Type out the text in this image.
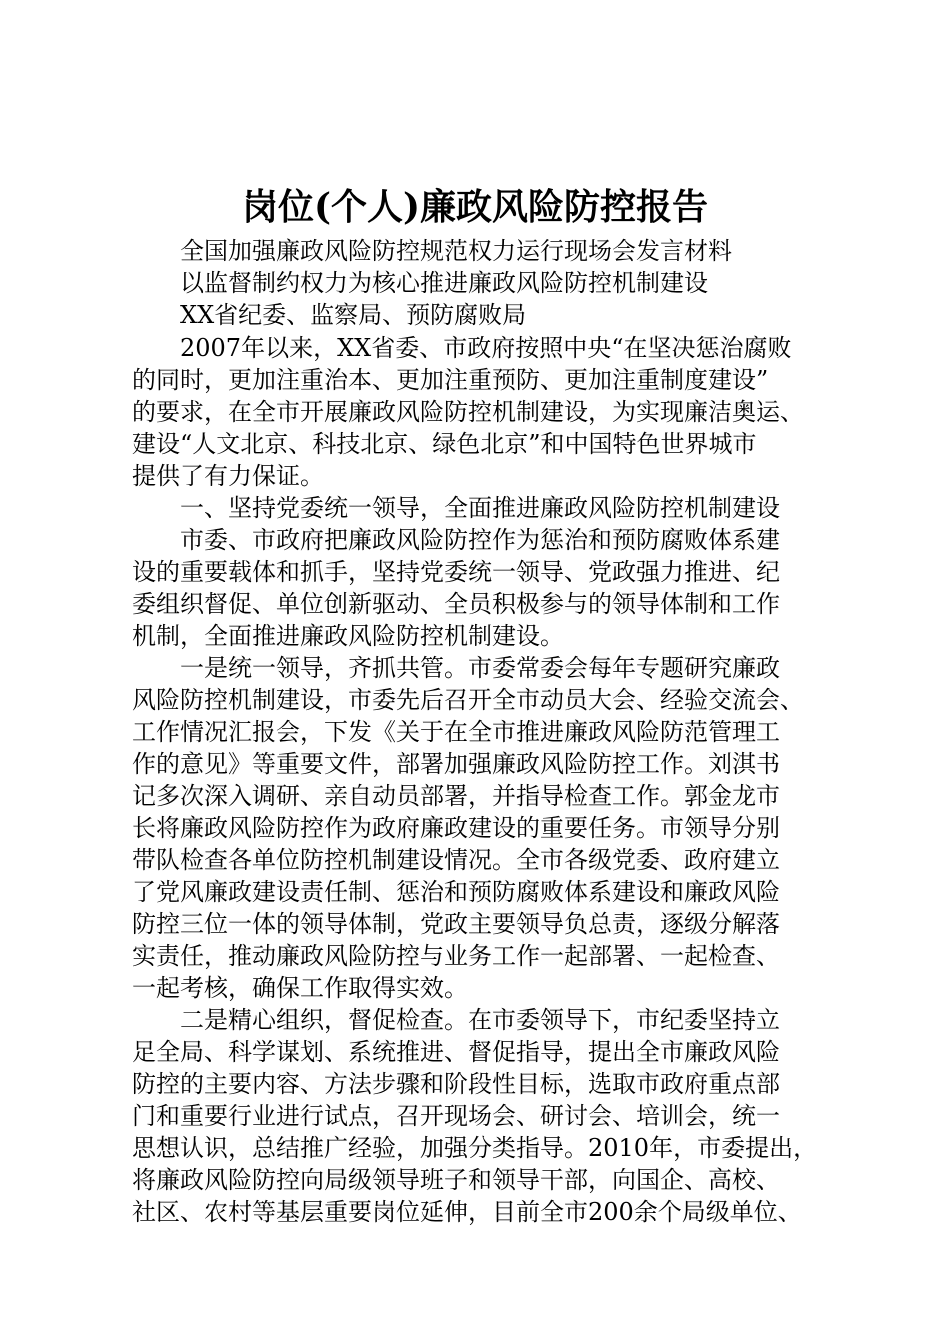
岗位(个人)廉政风险防控报告
全国加强廉政风险防控规范权力运行现场会发言材料
以监督制约权力为核心推进廉政风险防控机制建设
XX省纪委、监察局、预防腐败局
2007年以来，XX省委、市政府按照中央“在坚决惩治腐败
的同时，更加注重治本、更加注重预防、更加注重制度建设”
的要求，在全市开展廉政风险防控机制建设，为实现廉洁奥运、
建设“人文北京、科技北京、绿色北京”和中国特色世界城市
提供了有力保证。
一、坚持党委统一领导，全面推进廉政风险防控机制建设
市委、市政府把廉政风险防控作为惩治和预防腐败体系建
设的重要载体和抓手，坚持党委统一领导、党政强力推进、纪
委组织督促、单位创新驱动、全员积极参与的领导体制和工作
机制，全面推进廉政风险防控机制建设。
一是统一领导，齐抓共管。市委常委会每年专题研究廉政
风险防控机制建设，市委先后召开全市动员大会、经验交流会、
工作情况汇报会，下发《关于在全市推进廉政风险防范管理工
作的意见》等重要文件，部署加强廉政风险防控工作。刘淇书
记多次深入调研、亲自动员部署，并指导检查工作。郭金龙市
长将廉政风险防控作为政府廉政建设的重要任务。市领导分别
带队检查各单位防控机制建设情况。全市各级党委、政府建立
了党风廉政建设责任制、惩治和预防腐败体系建设和廉政风险
防控三位一体的领导体制，党政主要领导负总责，逐级分解落
实责任，推动廉政风险防控与业务工作一起部署、一起检查、
一起考核，确保工作取得实效。
二是精心组织，督促检查。在市委领导下，市纪委坚持立
足全局、科学谋划、系统推进、督促指导，提出全市廉政风险
防控的主要内容、方法步骤和阶段性目标，选取市政府重点部
门和重要行业进行试点，召开现场会、研讨会、培训会，统一
思想认识，总结推广经验，加强分类指导。2010年，市委提出，
将廉政风险防控向局级领导班子和领导干部，向国企、高校、
社区、农村等基层重要岗位延伸，目前全市200余个局级单位、
